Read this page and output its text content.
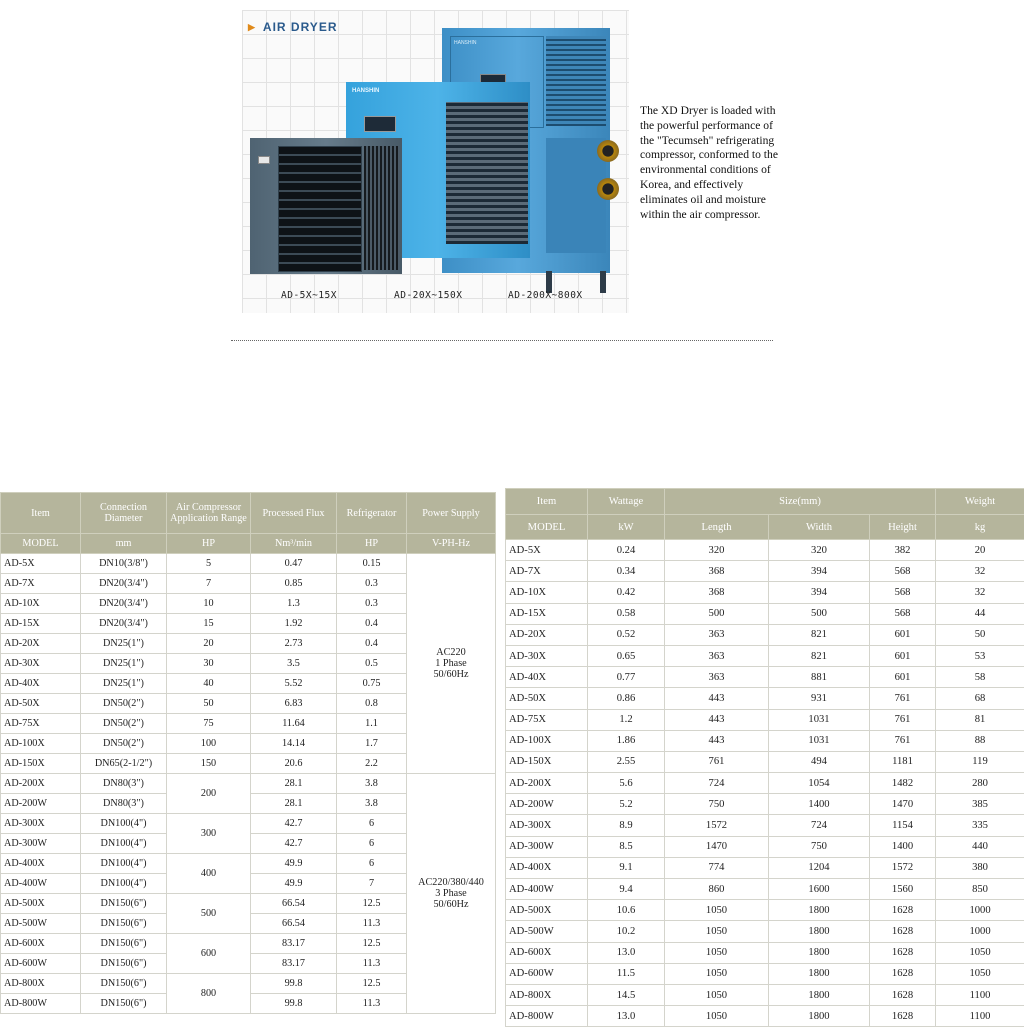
▶ AIR DRYER
HANSHIN
HANSHIN
AD-5X~15X	AD-20X~150X	AD-200X~800X
The XD Dryer is loaded with
the powerful performance of
the "Tecumseh" refrigerating
compressor, conformed to the
environmental conditions of
Korea, and effectively
eliminates oil and moisture
within the air compressor.
Item	Connection Diameter	Air Compressor Application Range	Processed Flux	Refrigerator	Power Supply
MODEL	mm	HP	Nm³/min	HP	V-PH-Hz
AD-5X	DN10(3/8")	5	0.47	0.15	AC220
1 Phase
50/60Hz

AD-7X	DN20(3/4")	7	0.85	0.3	
AD-10X	DN20(3/4")	10	1.3	0.3	
AD-15X	DN20(3/4")	15	1.92	0.4	
AD-20X	DN25(1")	20	2.73	0.4	
AD-30X	DN25(1")	30	3.5	0.5	
AD-40X	DN25(1")	40	5.52	0.75	
AD-50X	DN50(2")	50	6.83	0.8	
AD-75X	DN50(2")	75	11.64	1.1	
AD-100X	DN50(2")	100	14.14	1.7	
AD-150X	DN65(2-1/2")	150	20.6	2.2	
AD-200X	DN80(3")	200	28.1	3.8	AC220/380/440
3 Phase
50/60Hz

AD-200W	DN80(3")		28.1	3.8	
AD-300X	DN100(4")	300	42.7	6	
AD-300W	DN100(4")		42.7	6	
AD-400X	DN100(4")	400	49.9	6	
AD-400W	DN100(4")		49.9	7	
AD-500X	DN150(6")	500	66.54	12.5	
AD-500W	DN150(6")		66.54	11.3	
AD-600X	DN150(6")	600	83.17	12.5	
AD-600W	DN150(6")		83.17	11.3	
AD-800X	DN150(6")	800	99.8	12.5	
AD-800W	DN150(6")		99.8	11.3	
Item	Wattage	Size(mm)			Weight
MODEL	kW	Length	Width	Height	kg
AD-5X	0.24	320	320	382	20
AD-7X	0.34	368	394	568	32
AD-10X	0.42	368	394	568	32
AD-15X	0.58	500	500	568	44
AD-20X	0.52	363	821	601	50
AD-30X	0.65	363	821	601	53
AD-40X	0.77	363	881	601	58
AD-50X	0.86	443	931	761	68
AD-75X	1.2	443	1031	761	81
AD-100X	1.86	443	1031	761	88
AD-150X	2.55	761	494	1181	119
AD-200X	5.6	724	1054	1482	280
AD-200W	5.2	750	1400	1470	385
AD-300X	8.9	1572	724	1154	335
AD-300W	8.5	1470	750	1400	440
AD-400X	9.1	774	1204	1572	380
AD-400W	9.4	860	1600	1560	850
AD-500X	10.6	1050	1800	1628	1000
AD-500W	10.2	1050	1800	1628	1000
AD-600X	13.0	1050	1800	1628	1050
AD-600W	11.5	1050	1800	1628	1050
AD-800X	14.5	1050	1800	1628	1100
AD-800W	13.0	1050	1800	1628	1100
